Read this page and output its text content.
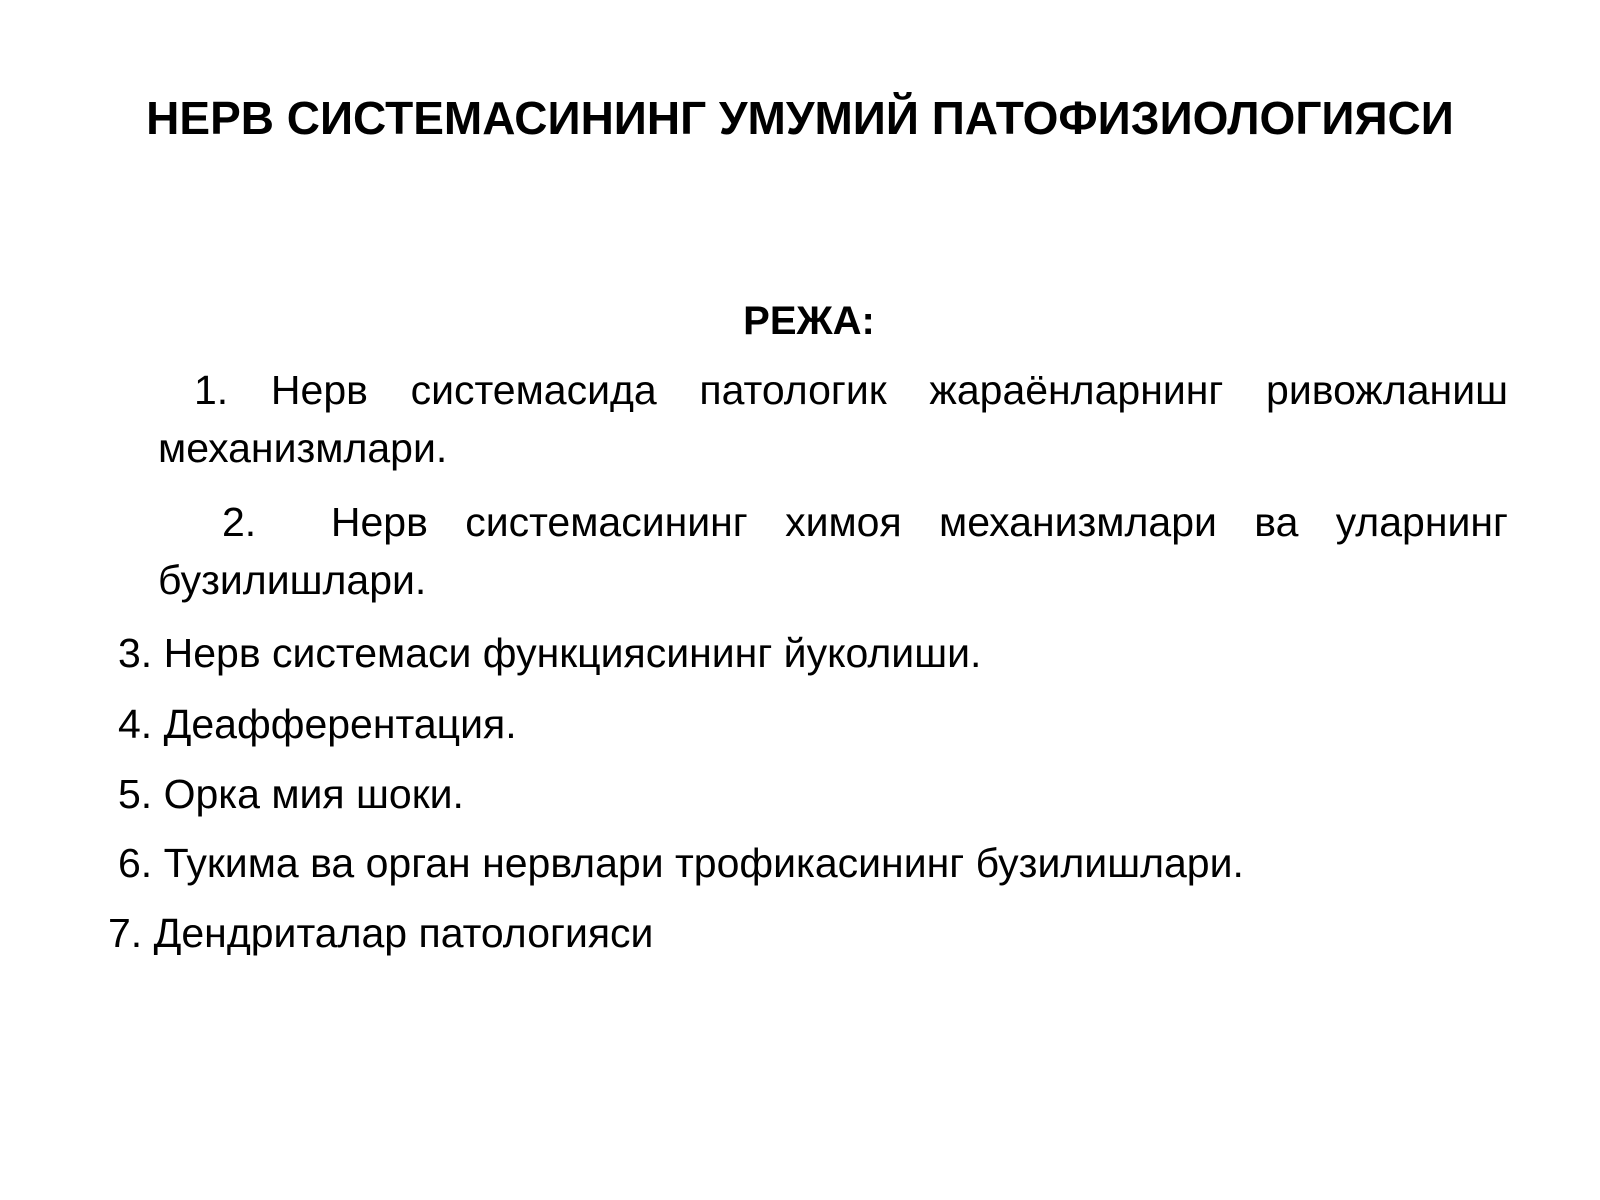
НЕРВ СИСТЕМАСИНИНГ УМУМИЙ ПАТОФИЗИОЛОГИЯСИ
РЕЖА:
1. Нерв системасида патологик жараёнларнинг ривожланиш механизмлари.
2. Нерв системасининг химоя механизмлари ва уларнинг бузилишлари.
3. Нерв системаси функциясининг йуколиши.
4. Деафферентация.
5. Орка мия шоки.
6. Тукима ва орган нервлари трофикасининг бузилишлари.
7. Дендриталар патологияси
